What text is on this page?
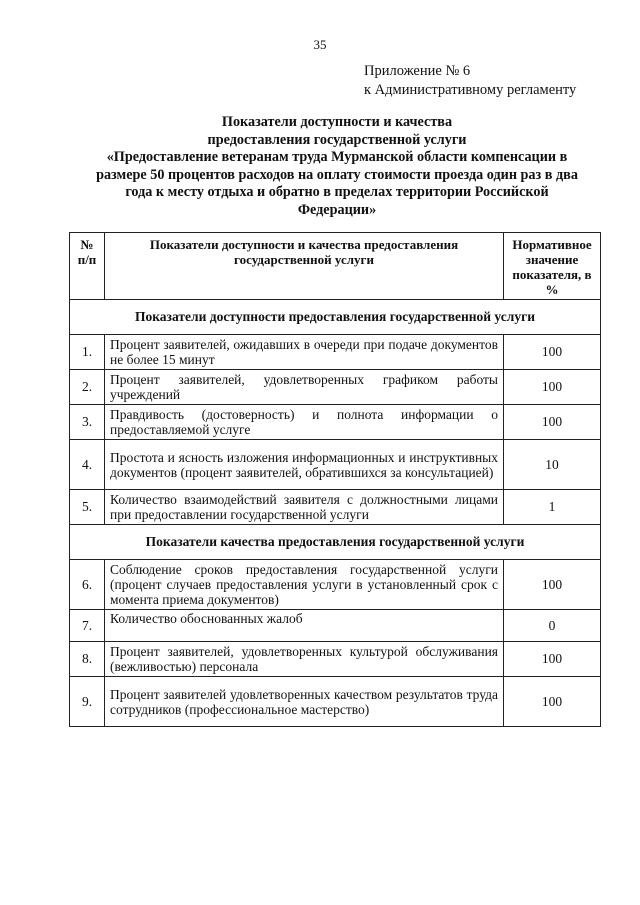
35
Приложение № 6
к Административному регламенту
Показатели доступности и качества
предоставления государственной услуги
«Предоставление ветеранам труда Мурманской области компенсации в
размере 50 процентов расходов на оплату стоимости проезда один раз в два
года к месту отдыха и обратно в пределах территории Российской
Федерации»
№ п/п	Показатели доступности и качества предоставления государственной услуги	Нормативное значение показателя, в %
Показатели доступности предоставления государственной услуги		
1.	Процент заявителей, ожидавших в очереди при подаче документов не более 15 минут	100
2.	Процент заявителей, удовлетворенных графиком работы учреждений	100
3.	Правдивость (достоверность) и полнота информации о предоставляемой услуге	100
4.	Простота и ясность изложения информационных и инструктивных документов (процент заявителей, обратившихся за консультацией)	10
5.	Количество взаимодействий заявителя с должностными лицами при предоставлении государственной услуги	1
Показатели качества предоставления государственной услуги		
6.	Соблюдение сроков предоставления государственной услуги (процент случаев предоставления услуги в установленный срок с момента приема документов)	100
7.	Количество обоснованных жалоб	0
8.	Процент заявителей, удовлетворенных культурой обслуживания (вежливостью) персонала	100
9.	Процент заявителей удовлетворенных качеством результатов труда сотрудников (профессиональное мастерство)	100
